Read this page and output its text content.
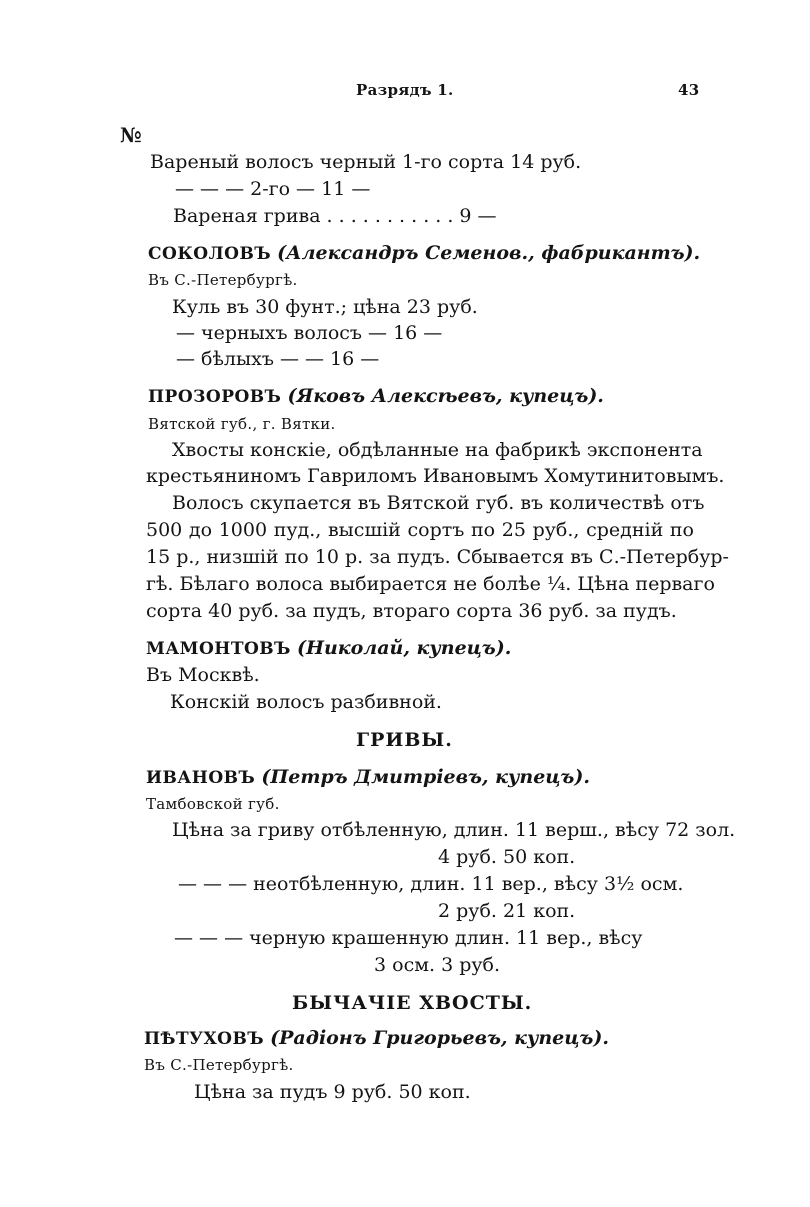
Разрядъ 1.	43
№
Вареный волосъ черный 1-го сорта 14 руб.
— — — 2-го — 11 —
Вареная грива . . . . . . . . . . . 9 —
СОКОЛОВЪ (Александръ Семенов., фабрикантъ).
Въ С.-Петербургѣ.
Куль въ 30 фунт.; цѣна 23 руб.
— черныхъ волосъ — 16 —
— бѣлыхъ — — 16 —
ПРОЗОРОВЪ (Яковъ Алексѣевъ, купецъ).
Вятской губ., г. Вятки.
Хвосты конскіе, обдѣланные на фабрикѣ экспонента
крестьяниномъ Гавриломъ Ивановымъ Хомутинитовымъ.
Волосъ скупается въ Вятской губ. въ количествѣ отъ
500 до 1000 пуд., высшій сортъ по 25 руб., средній по
15 р., низшій по 10 р. за пудъ. Сбывается въ С.-Петербур-
гѣ. Бѣлаго волоса выбирается не болѣе ¼. Цѣна перваго
сорта 40 руб. за пудъ, втораго сорта 36 руб. за пудъ.
МАМОНТОВЪ (Николай, купецъ).
Въ Москвѣ.
Конскій волосъ разбивной.
ГРИВЫ.
ИВАНОВЪ (Петръ Дмитріевъ, купецъ).
Тамбовской губ.
Цѣна за гриву отбѣленную, длин. 11 верш., вѣсу 72 зол.
4 руб. 50 коп.
— — — неотбѣленную, длин. 11 вер., вѣсу 3½ осм.
2 руб. 21 коп.
— — — черную крашенную длин. 11 вер., вѣсу
3 осм. 3 руб.
БЫЧАЧІЕ ХВОСТЫ.
ПѢТУХОВЪ (Радіонъ Григорьевъ, купецъ).
Въ С.-Петербургѣ.
Цѣна за пудъ 9 руб. 50 коп.
